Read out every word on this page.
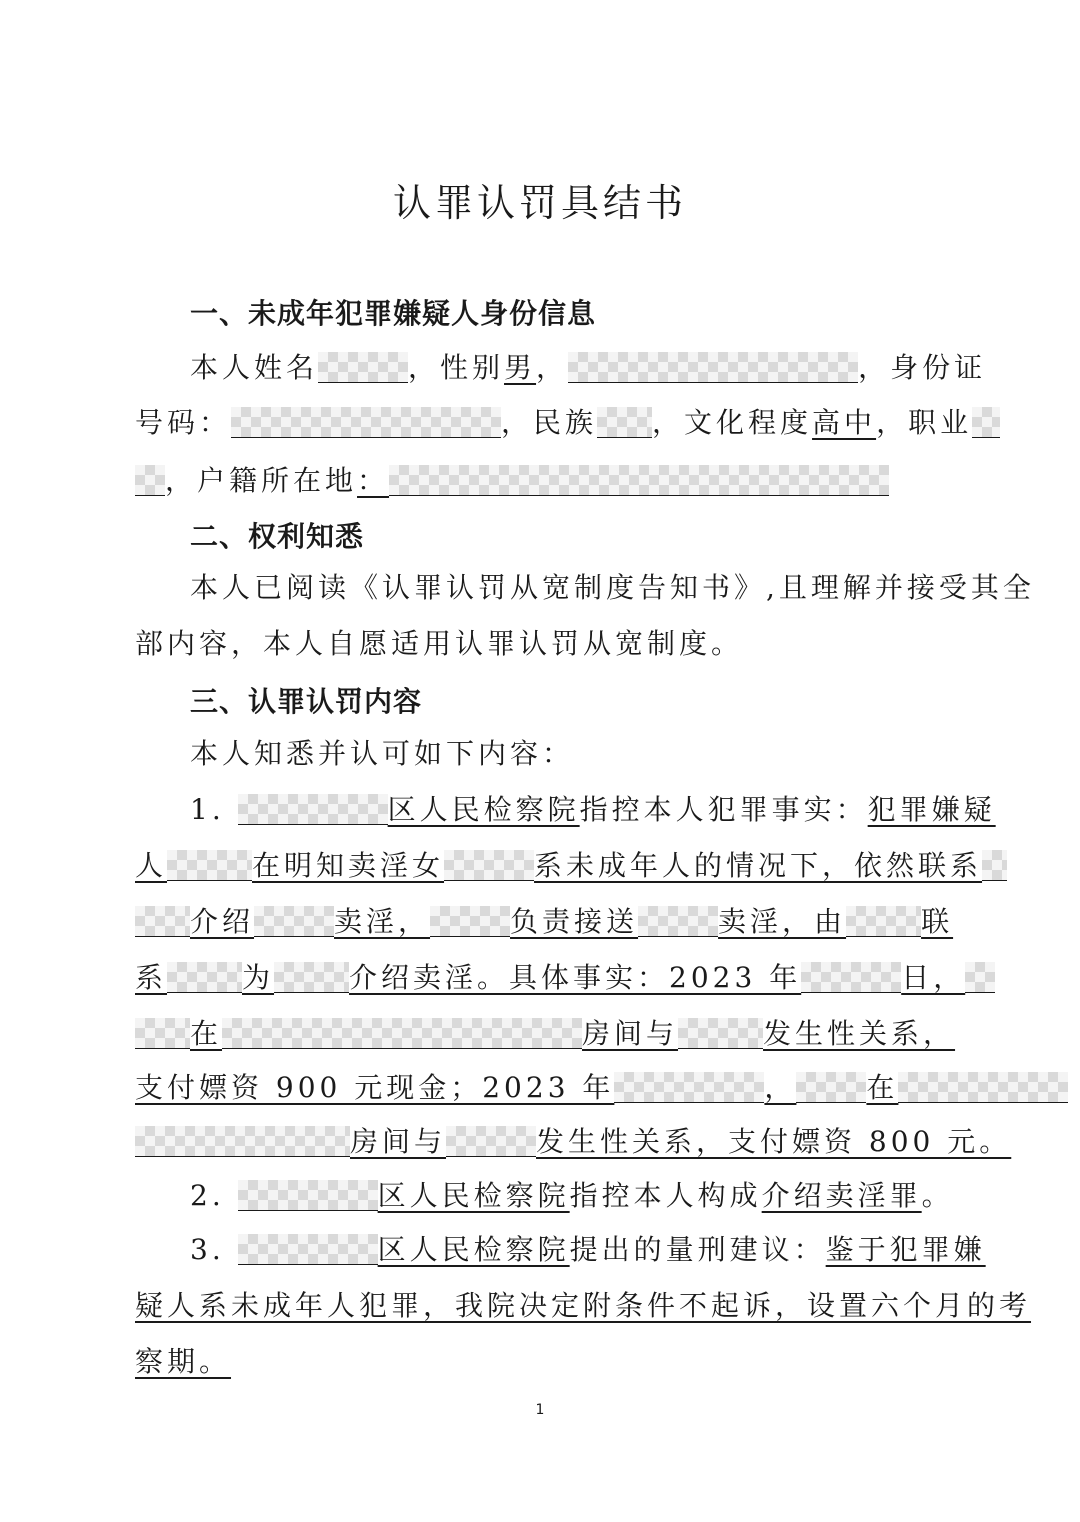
认罪认罚具结书
一、未成年犯罪嫌疑人身份信息
本人姓名	，性别男，	，身份证
号码：	，民族 ，文化程度高中，职业
，户籍所在地：
二、权利知悉
本人已阅读《认罪认罚从宽制度告知书》,且理解并接受其全
部内容，本人自愿适用认罪认罚从宽制度。
三、认罪认罚内容
本人知悉并认可如下内容：
1.	区人民检察院指控本人犯罪事实：犯罪嫌疑
人	在明知卖淫女	系未成年人的情况下，依然联系
介绍	卖淫，	负责接送	卖淫，由	联
系	为	介绍卖淫。具体事实：2023 年	日，
在	房间与	发生性关系，
支付嫖资 900 元现金；2023 年	，	在
房间与	发生性关系，支付嫖资 800 元。
2.	区人民检察院指控本人构成介绍卖淫罪。
3.	区人民检察院提出的量刑建议：鉴于犯罪嫌
疑人系未成年人犯罪，我院决定附条件不起诉，设置六个月的考
察期。
1
